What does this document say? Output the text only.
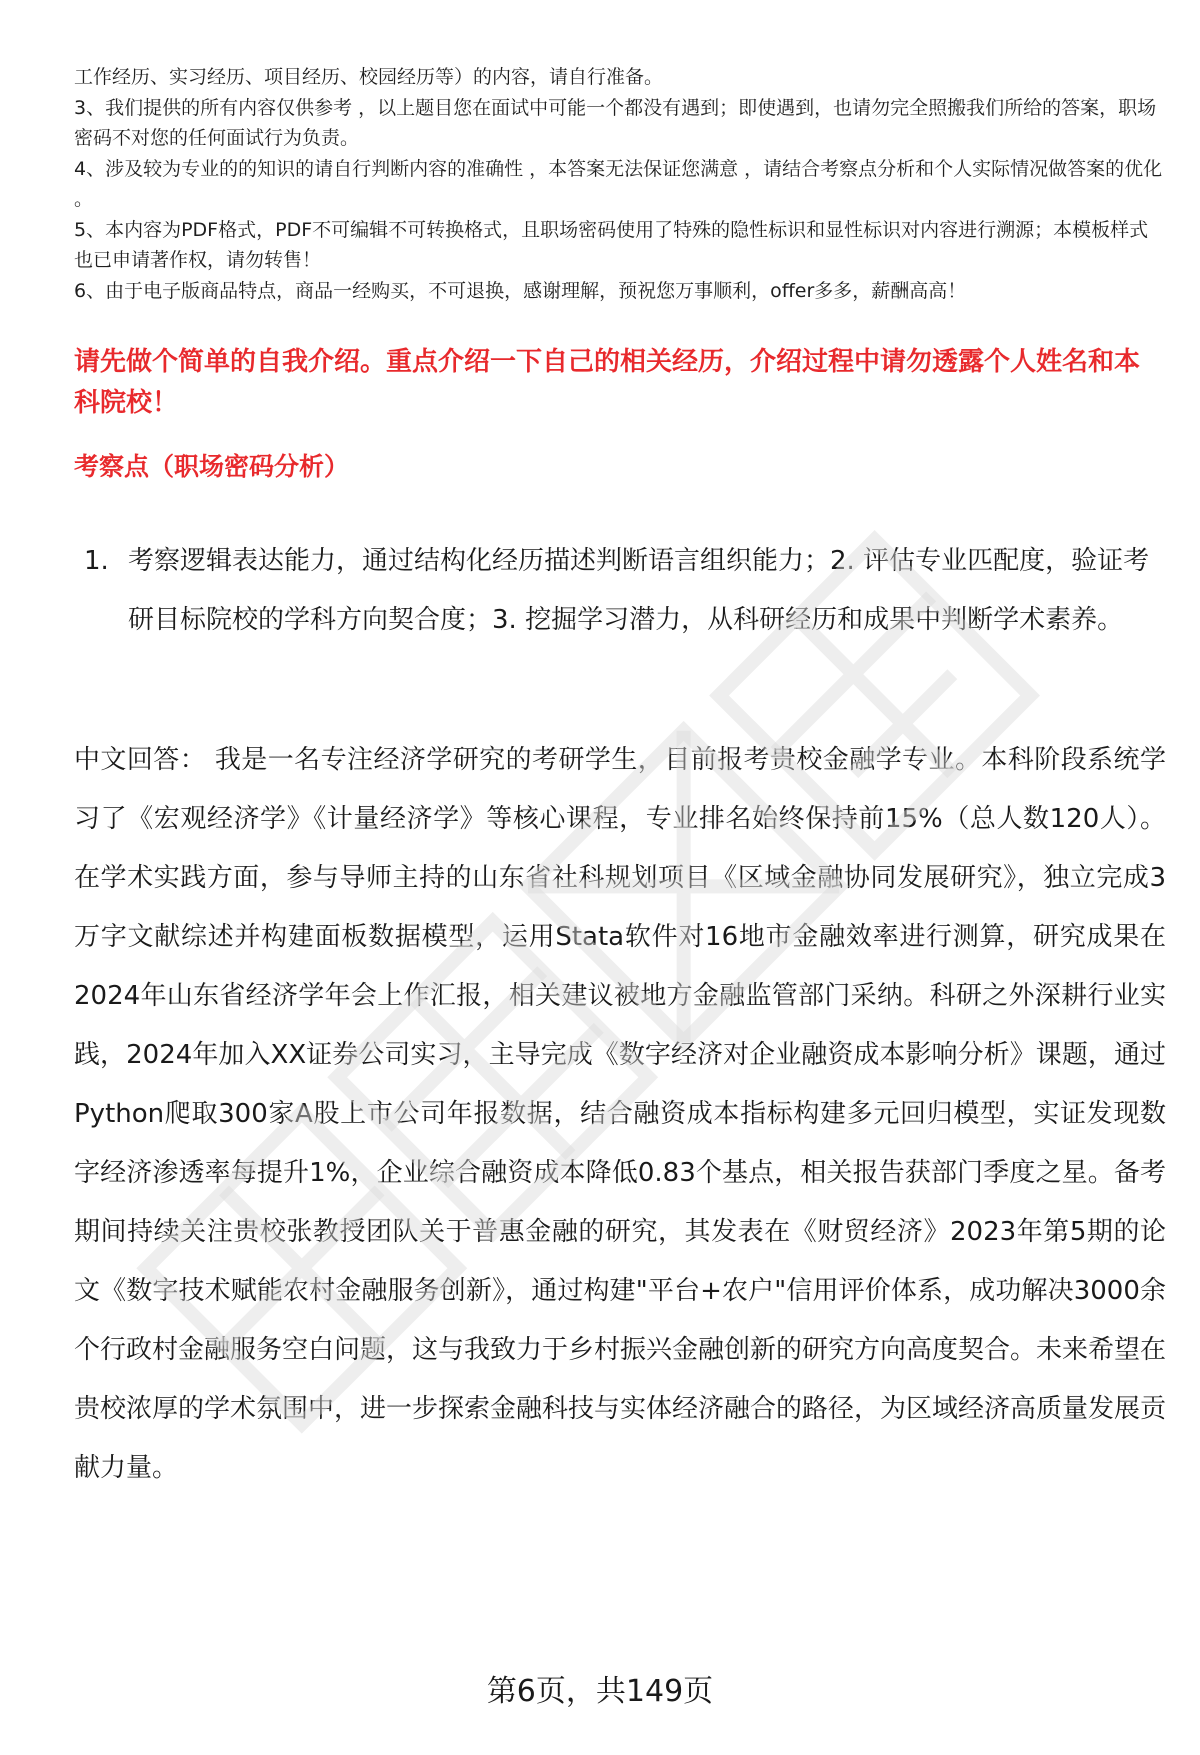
工作经历、实习经历、项目经历、校园经历等）的内容，请自行准备。

3、我们提供的所有内容仅供参考 ，以上题目您在面试中可能一个都没有遇到；即使遇到，也请勿完全照搬我们所给的答案，职场密码不对您的任何面试行为负责。

4、涉及较为专业的的知识的请自行判断内容的准确性 ，本答案无法保证您满意 ，请结合考察点分析和个人实际情况做答案的优化 。

5、本内容为PDF格式，PDF不可编辑不可转换格式，且职场密码使用了特殊的隐性标识和显性标识对内容进行溯源；本模板样式也已申请著作权，请勿转售！

6、由于电子版商品特点，商品一经购买，不可退换，感谢理解，预祝您万事顺利，offer多多，薪酬高高！

请先做个简单的自我介绍。重点介绍一下自己的相关经历，介绍过程中请勿透露个人姓名和本科院校！

考察点（职场密码分析）

1. 考察逻辑表达能力，通过结构化经历描述判断语言组织能力；2. 评估专业匹配度，验证考研目标院校的学科方向契合度；3. 挖掘学习潜力，从科研经历和成果中判断学术素养。

中文回答： 我是一名专注经济学研究的考研学生，目前报考贵校金融学专业。本科阶段系统学习了《宏观经济学》《计量经济学》等核心课程，专业排名始终保持前15%（总人数120人）。在学术实践方面，参与导师主持的山东省社科规划项目《区域金融协同发展研究》，独立完成3万字文献综述并构建面板数据模型，运用Stata软件对16地市金融效率进行测算，研究成果在2024年山东省经济学年会上作汇报，相关建议被地方金融监管部门采纳。科研之外深耕行业实践，2024年加入XX证券公司实习，主导完成《数字经济对企业融资成本影响分析》课题，通过Python爬取300家A股上市公司年报数据，结合融资成本指标构建多元回归模型，实证发现数字经济渗透率每提升1%，企业综合融资成本降低0.83个基点，相关报告获部门季度之星。备考期间持续关注贵校张教授团队关于普惠金融的研究，其发表在《财贸经济》2023年第5期的论文《数字技术赋能农村金融服务创新》，通过构建"平台+农户"信用评价体系，成功解决3000余个行政村金融服务空白问题，这与我致力于乡村振兴金融创新的研究方向高度契合。未来希望在贵校浓厚的学术氛围中，进一步探索金融科技与实体经济融合的路径，为区域经济高质量发展贡献力量。

第6页，共149页
